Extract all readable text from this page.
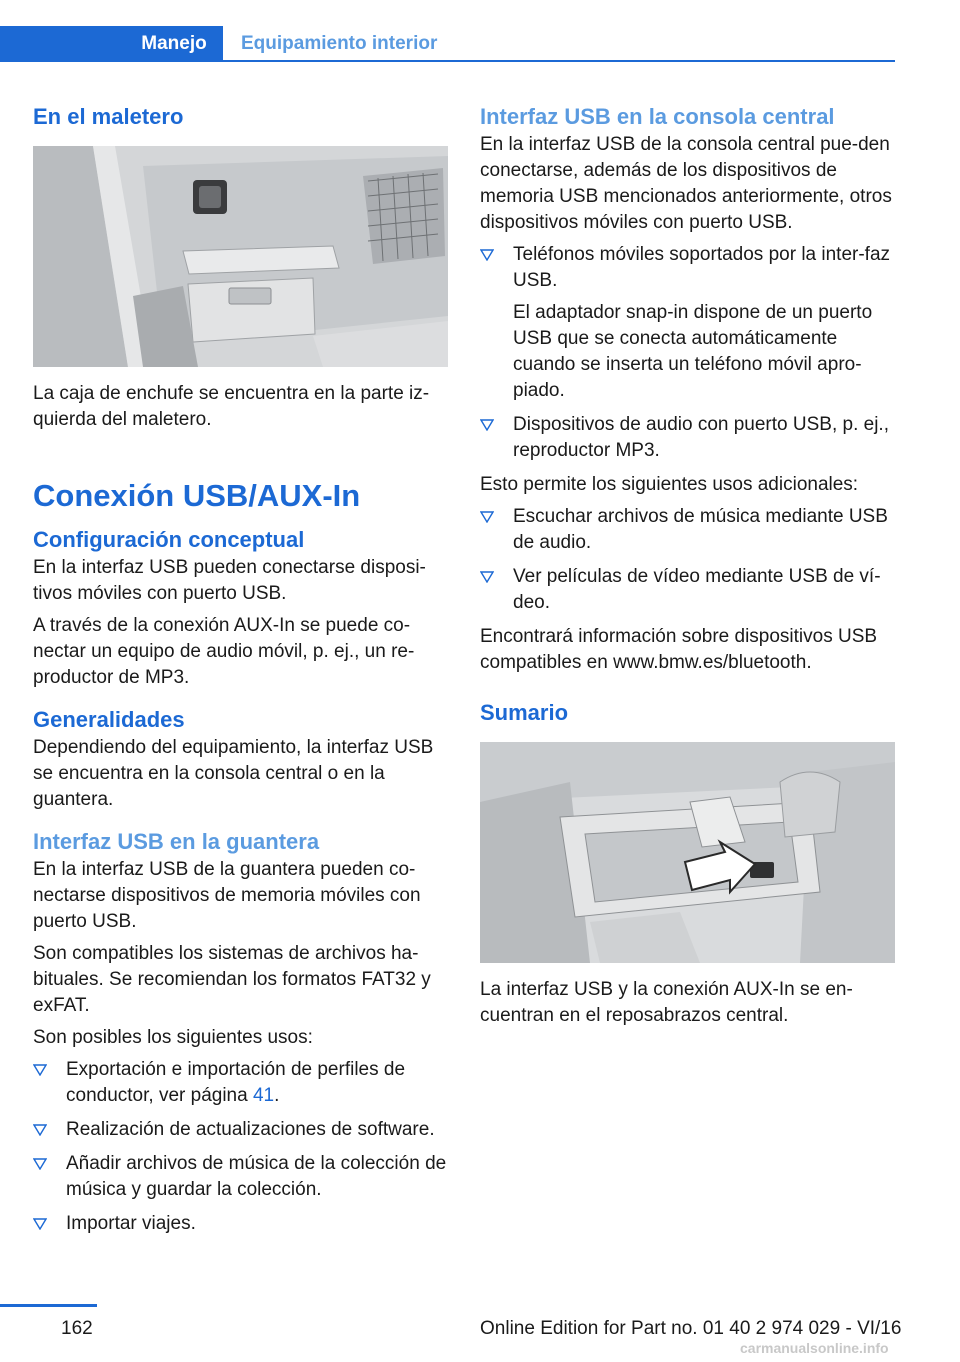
Manejo	Equipamiento interior
En el maletero
La caja de enchufe se encuentra en la parte iz-quierda del maletero.
Conexión USB/AUX-In
Configuración conceptual
En la interfaz USB pueden conectarse disposi-tivos móviles con puerto USB.
A través de la conexión AUX-In se puede co-nectar un equipo de audio móvil, p. ej., un re-productor de MP3.
Generalidades
Dependiendo del equipamiento, la interfaz USB se encuentra en la consola central o en la guantera.
Interfaz USB en la guantera
En la interfaz USB de la guantera pueden co-nectarse dispositivos de memoria móviles con puerto USB.
Son compatibles los sistemas de archivos ha-bituales. Se recomiendan los formatos FAT32 y exFAT.
Son posibles los siguientes usos:
Exportación e importación de perfiles de conductor, ver página 41.
Realización de actualizaciones de software.
Añadir archivos de música de la colección de música y guardar la colección.
Importar viajes.
Interfaz USB en la consola central
En la interfaz USB de la consola central pue-den conectarse, además de los dispositivos de memoria USB mencionados anteriormente, otros dispositivos móviles con puerto USB.
Teléfonos móviles soportados por la inter-faz USB.
El adaptador snap-in dispone de un puerto USB que se conecta automáticamente cuando se inserta un teléfono móvil apro-piado.
Dispositivos de audio con puerto USB, p. ej., reproductor MP3.
Esto permite los siguientes usos adicionales:
Escuchar archivos de música mediante USB de audio.
Ver películas de vídeo mediante USB de ví-deo.
Encontrará información sobre dispositivos USB compatibles en www.bmw.es/bluetooth.
Sumario
La interfaz USB y la conexión AUX-In se en-cuentran en el reposabrazos central.
162	Online Edition for Part no. 01 40 2 974 029 - VI/16
carmanualsonline.info
